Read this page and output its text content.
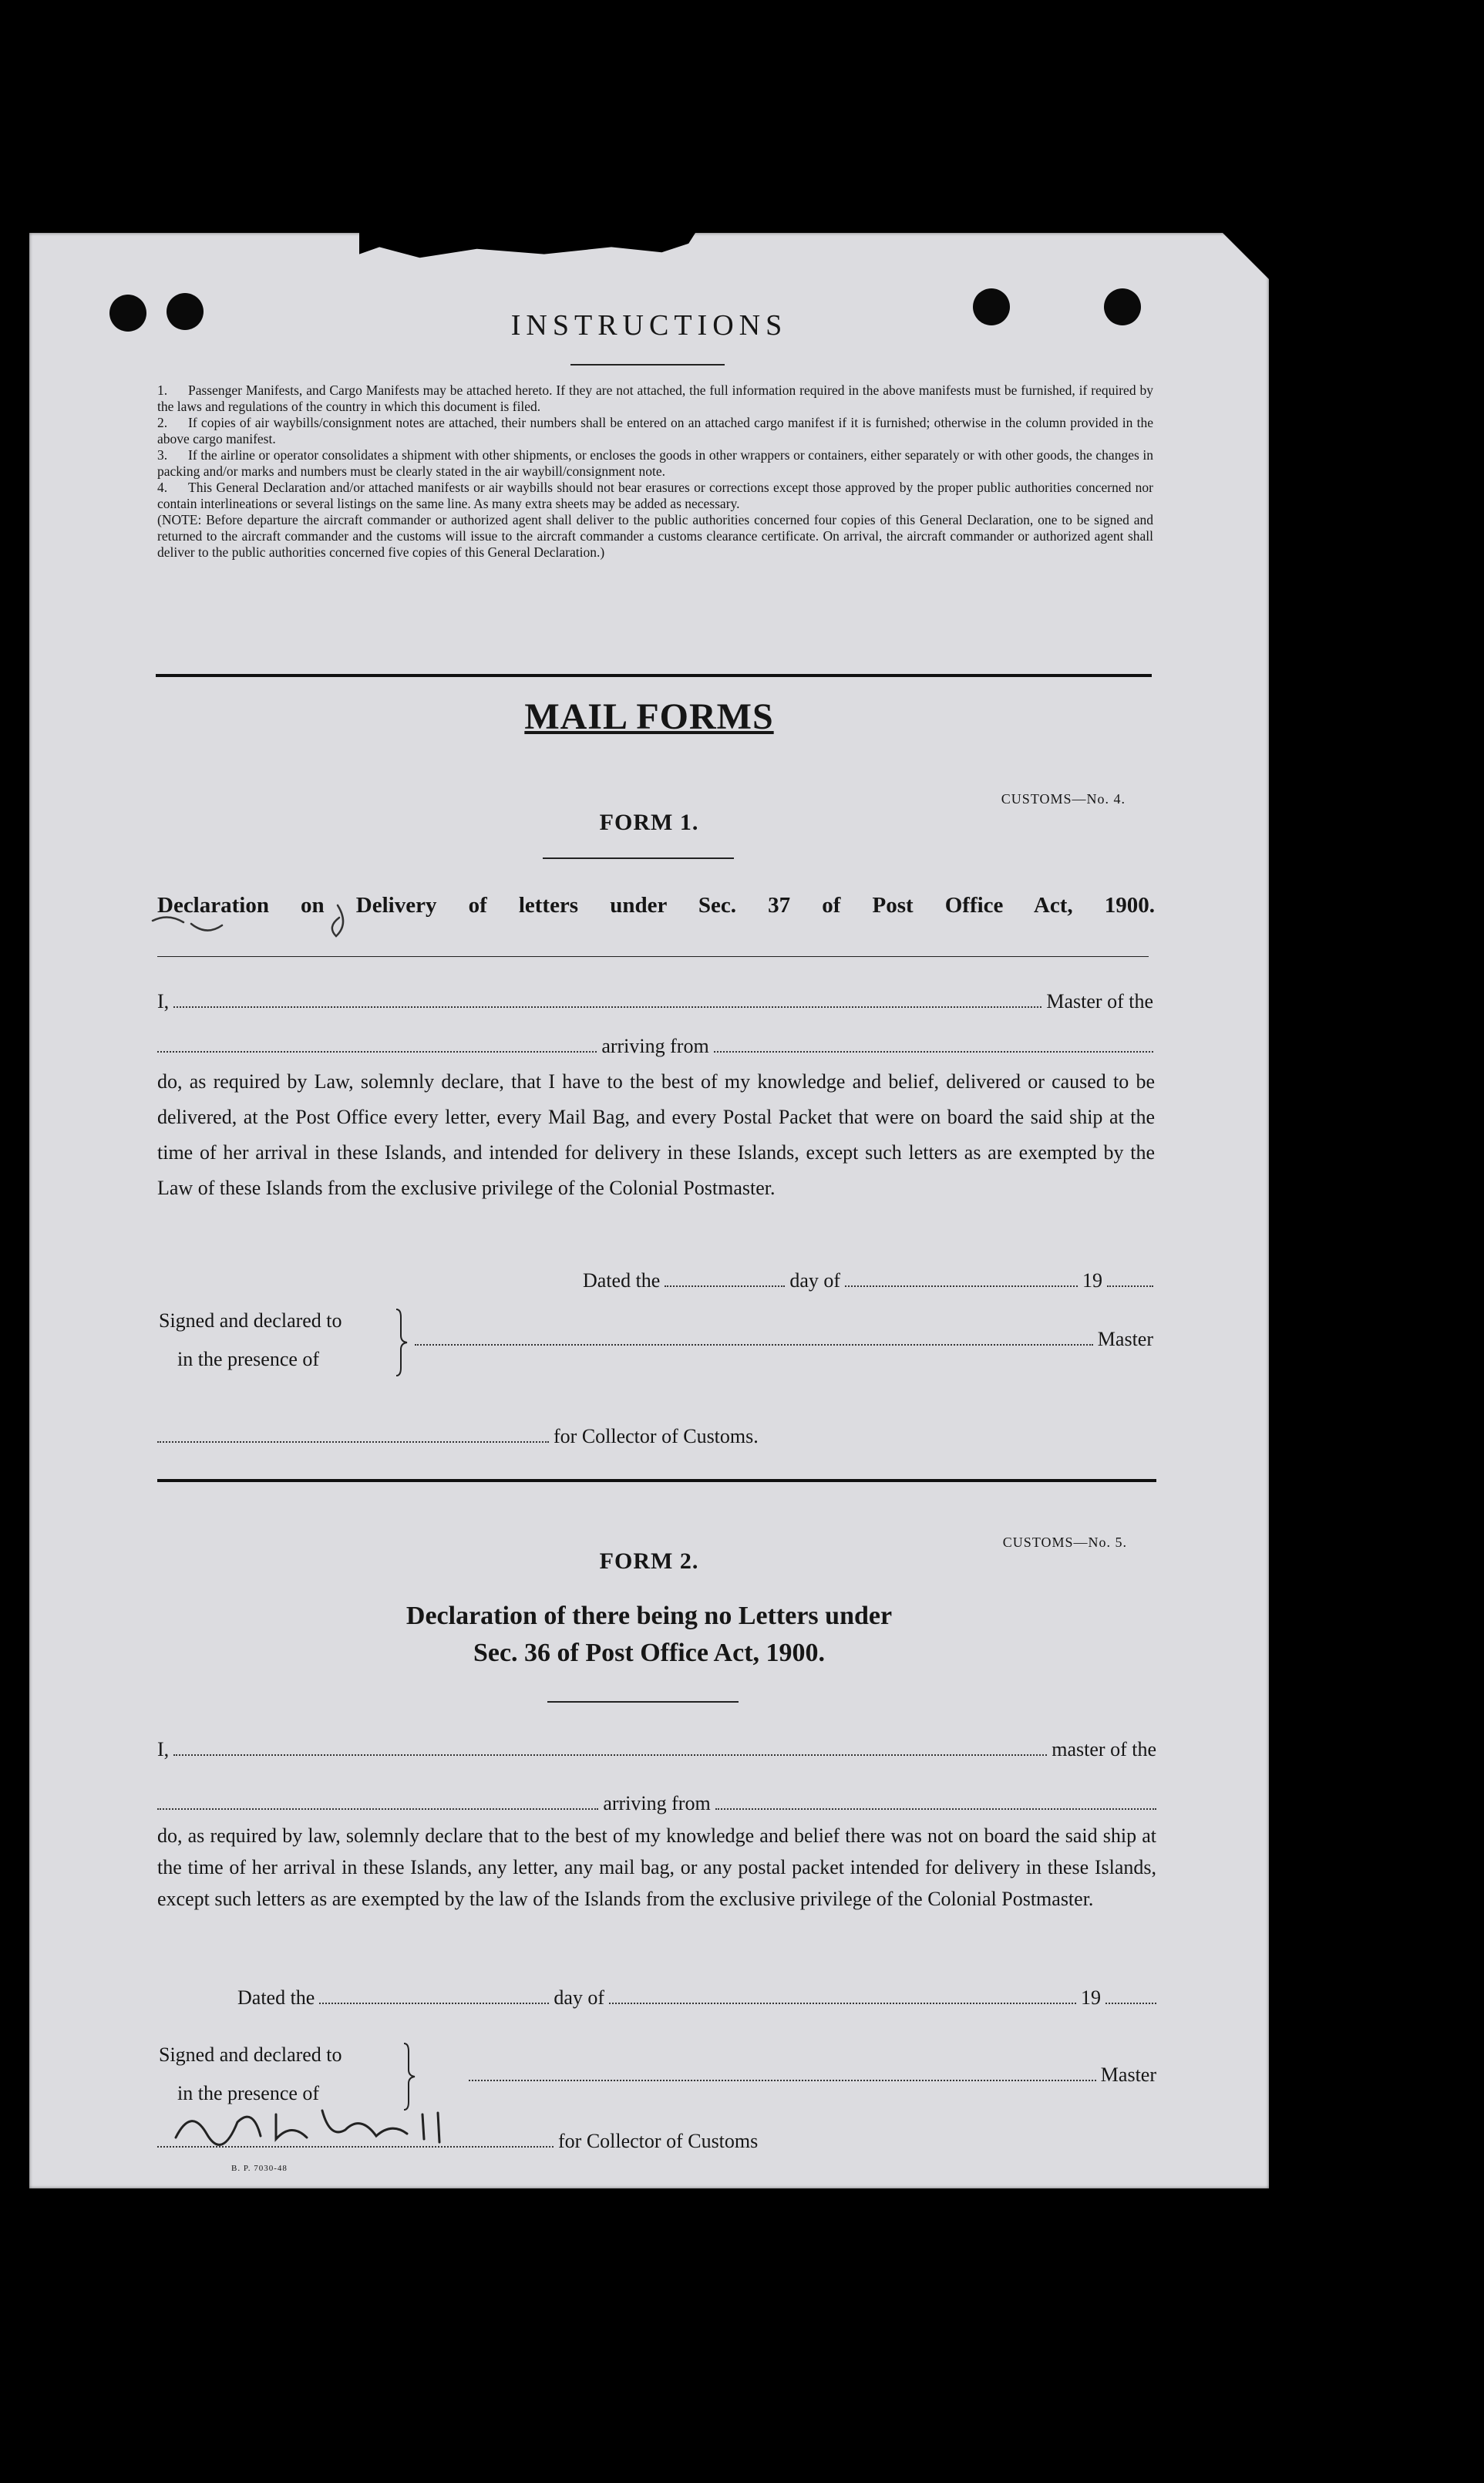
INSTRUCTIONS
1. Passenger Manifests, and Cargo Manifests may be attached hereto. If they are not attached, the full information required in the above manifests must be furnished, if required by the laws and regulations of the country in which this document is filed.
2. If copies of air waybills/consignment notes are attached, their numbers shall be entered on an attached cargo manifest if it is furnished; otherwise in the column provided in the above cargo manifest.
3. If the airline or operator consolidates a shipment with other shipments, or encloses the goods in other wrappers or containers, either separately or with other goods, the changes in packing and/or marks and numbers must be clearly stated in the air waybill/consignment note.
4. This General Declaration and/or attached manifests or air waybills should not bear erasures or corrections except those approved by the proper public authorities concerned nor contain interlineations or several listings on the same line. As many extra sheets may be added as necessary.
(NOTE: Before departure the aircraft commander or authorized agent shall deliver to the public authorities concerned four copies of this General Declaration, one to be signed and returned to the aircraft commander and the customs will issue to the aircraft commander a customs clearance certificate. On arrival, the aircraft commander or authorized agent shall deliver to the public authorities concerned five copies of this General Declaration.)
MAIL FORMS
CUSTOMS—No. 4.
FORM 1.
Declaration on Delivery of letters under Sec. 37 of Post Office Act, 1900.
I,	Master of the
arriving from

do, as required by Law, solemnly declare, that I have to the best of my knowledge and belief, delivered or caused to be delivered, at the Post Office every letter, every Mail Bag, and every Postal Packet that were on board the said ship at the time of her arrival in these Islands, and intended for delivery in these Islands, except such letters as are exempted by the Law of these Islands from the exclusive privilege of the Colonial Postmaster.

Dated the	day of	19
Signed and declared to
in the presence of
Master
for Collector of Customs.
CUSTOMS—No. 5.
FORM 2.
Declaration of there being no Letters under
Sec. 36 of Post Office Act, 1900.
I,	master of the
arriving from

do, as required by law, solemnly declare that to the best of my knowledge and belief there was not on board the said ship at the time of her arrival in these Islands, any letter, any mail bag, or any postal packet intended for delivery in these Islands, except such letters as are exempted by the law of the Islands from the exclusive privilege of the Colonial Postmaster.

Dated the	day of	19
Signed and declared to
in the presence of
Master
for Collector of Customs
B. P. 7030-48
